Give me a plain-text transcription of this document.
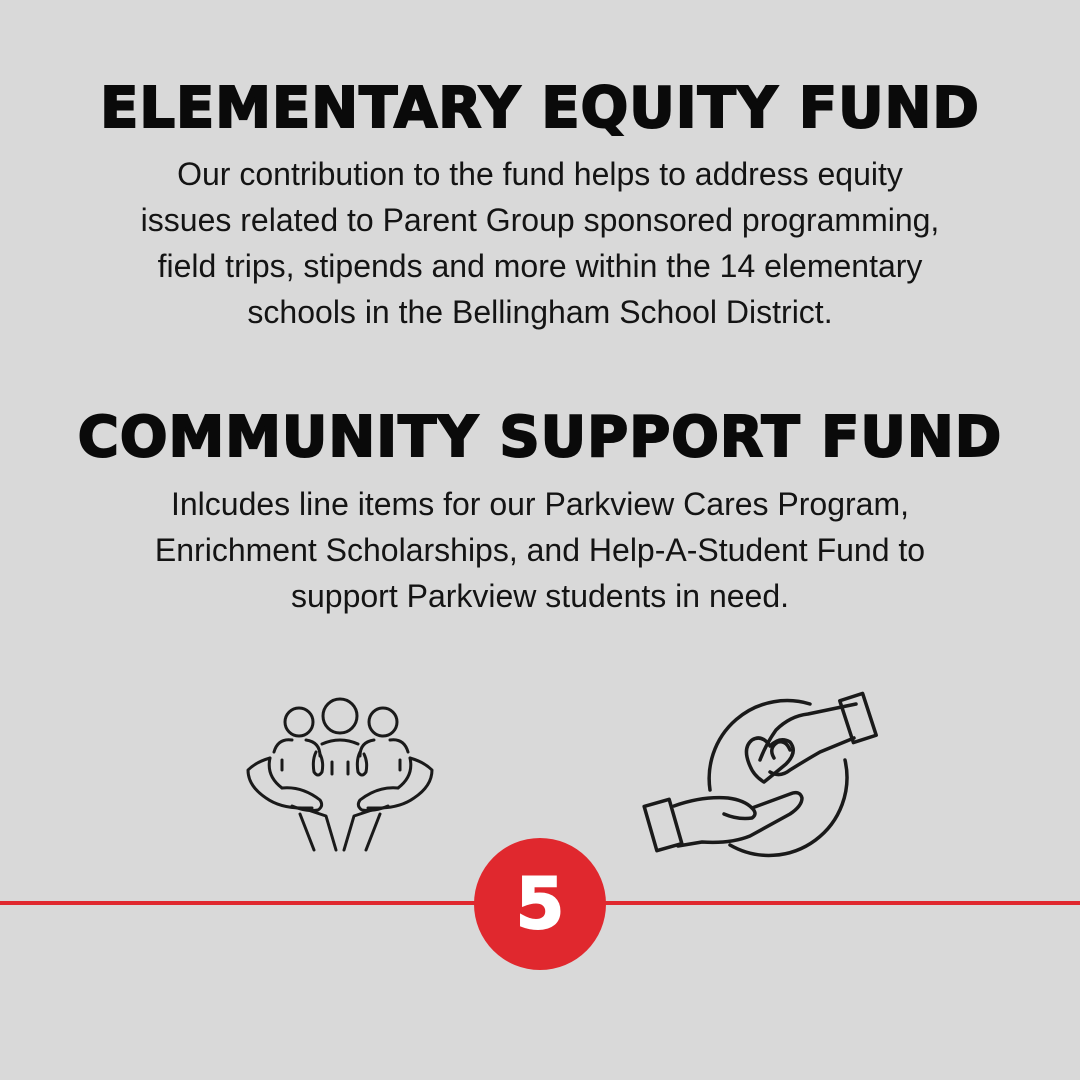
ELEMENTARY EQUITY FUND

Our contribution to the fund helps to address equity
issues related to Parent Group sponsored programming,
field trips, stipends and more within the 14 elementary
schools in the Bellingham School District.

COMMUNITY SUPPORT FUND

Inlcudes line items for our Parkview Cares Program,
Enrichment Scholarships, and Help-A-Student Fund to
support Parkview students in need.

5
